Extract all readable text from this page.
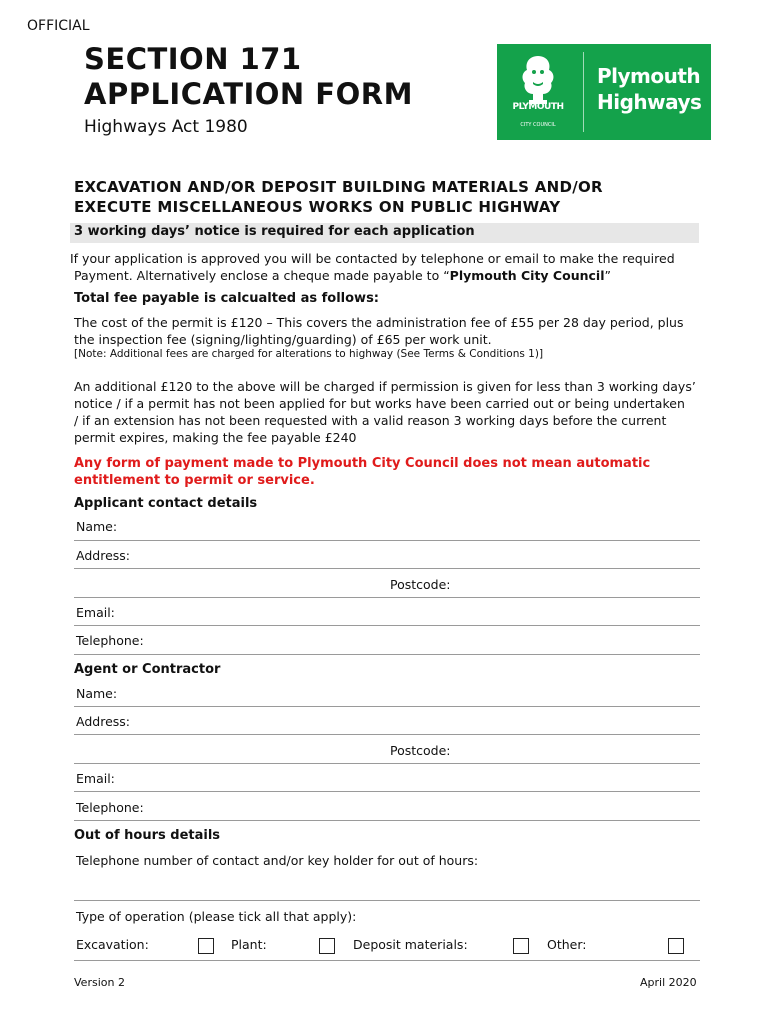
OFFICIAL
SECTION 171
APPLICATION FORM
Highways Act 1980
PLYMOUTH
CITY COUNCIL
Plymouth
Highways
EXCAVATION AND/OR DEPOSIT BUILDING MATERIALS AND/OR
EXECUTE MISCELLANEOUS WORKS ON PUBLIC HIGHWAY
3 working days’ notice is required for each application
If your application is approved you will be contacted by telephone or email to make the required
Payment. Alternatively enclose a cheque made payable to “Plymouth City Council”
Total fee payable is calcualted as follows:
The cost of the permit is £120 – This covers the administration fee of £55 per 28 day period, plus
the inspection fee (signing/lighting/guarding) of £65 per work unit.
[Note: Additional fees are charged for alterations to highway (See Terms & Conditions 1)]
An additional £120 to the above will be charged if permission is given for less than 3 working days’
notice / if a permit has not been applied for but works have been carried out or being undertaken
/ if an extension has not been requested with a valid reason 3 working days before the current
permit expires, making the fee payable £240
Any form of payment made to Plymouth City Council does not mean automatic
entitlement to permit or service.
Applicant contact details
Name:
Address:
Postcode:
Email:
Telephone:
Agent or Contractor
Name:
Address:
Postcode:
Email:
Telephone:
Out of hours details
Telephone number of contact and/or key holder for out of hours:
Type of operation (please tick all that apply):
Excavation:	Plant:	Deposit materials:	Other:
Version 2	April 2020
